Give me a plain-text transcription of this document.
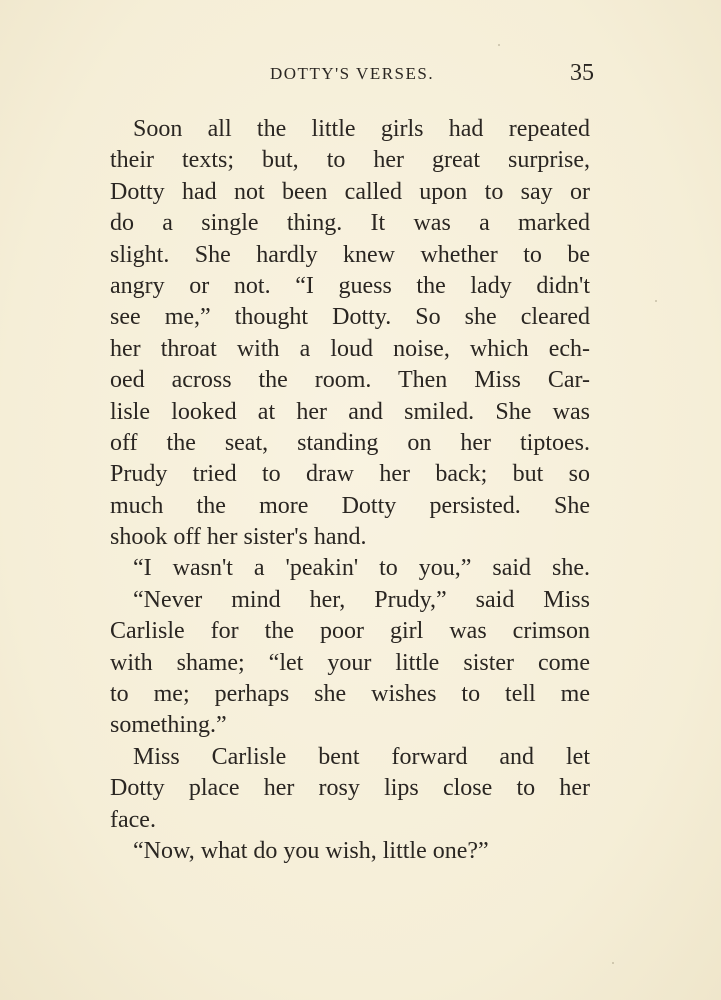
DOTTY'S VERSES.	35
Soon all the little girls had repeated
their texts; but, to her great surprise,
Dotty had not been called upon to say or
do a single thing. It was a marked
slight. She hardly knew whether to be
angry or not. “I guess the lady didn't
see me,” thought Dotty. So she cleared
her throat with a loud noise, which ech-
oed across the room. Then Miss Car-
lisle looked at her and smiled. She was
off the seat, standing on her tiptoes.
Prudy tried to draw her back; but so
much the more Dotty persisted. She
shook off her sister's hand.
“I wasn't a 'peakin' to you,” said she.
“Never mind her, Prudy,” said Miss
Carlisle for the poor girl was crimson
with shame; “let your little sister come
to me; perhaps she wishes to tell me
something.”
Miss Carlisle bent forward and let
Dotty place her rosy lips close to her
face.
“Now, what do you wish, little one?”
